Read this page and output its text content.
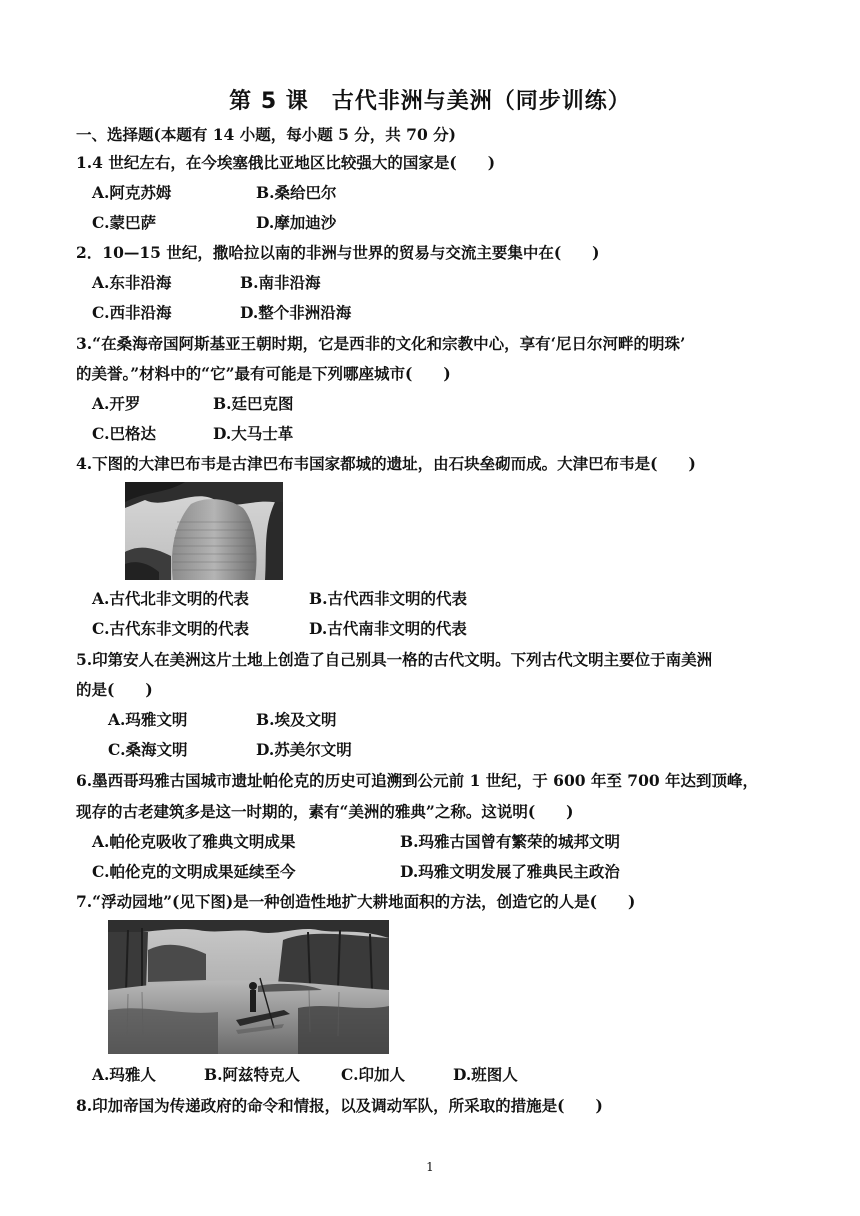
第 5 课　古代非洲与美洲（同步训练）
一、选择题(本题有 14 小题，每小题 5 分，共 70 分)
1.4 世纪左右，在今埃塞俄比亚地区比较强大的国家是(　　)
A.阿克苏姆	B.桑给巴尔
C.蒙巴萨	D.摩加迪沙
2．10—15 世纪，撒哈拉以南的非洲与世界的贸易与交流主要集中在(　　)
A.东非沿海	B.南非沿海
C.西非沿海	D.整个非洲沿海
3.“在桑海帝国阿斯基亚王朝时期，它是西非的文化和宗教中心，享有‘尼日尔河畔的明珠’
的美誉。”材料中的“它”最有可能是下列哪座城市(　　)
A.开罗	B.廷巴克图
C.巴格达	D.大马士革
4.下图的大津巴布韦是古津巴布韦国家都城的遗址，由石块垒砌而成。大津巴布韦是(　　)
A.古代北非文明的代表	B.古代西非文明的代表
C.古代东非文明的代表	D.古代南非文明的代表
5.印第安人在美洲这片土地上创造了自己别具一格的古代文明。下列古代文明主要位于南美洲
的是(　　)
A.玛雅文明	B.埃及文明
C.桑海文明	D.苏美尔文明
6.墨西哥玛雅古国城市遗址帕伦克的历史可追溯到公元前 1 世纪，于 600 年至 700 年达到顶峰，
现存的古老建筑多是这一时期的，素有“美洲的雅典”之称。这说明(　　)
A.帕伦克吸收了雅典文明成果	B.玛雅古国曾有繁荣的城邦文明
C.帕伦克的文明成果延续至今	D.玛雅文明发展了雅典民主政治
7.“浮动园地”(见下图)是一种创造性地扩大耕地面积的方法，创造它的人是(　　)
A.玛雅人	B.阿兹特克人	C.印加人	D.班图人
8.印加帝国为传递政府的命令和情报，以及调动军队，所采取的措施是(　　)
1
